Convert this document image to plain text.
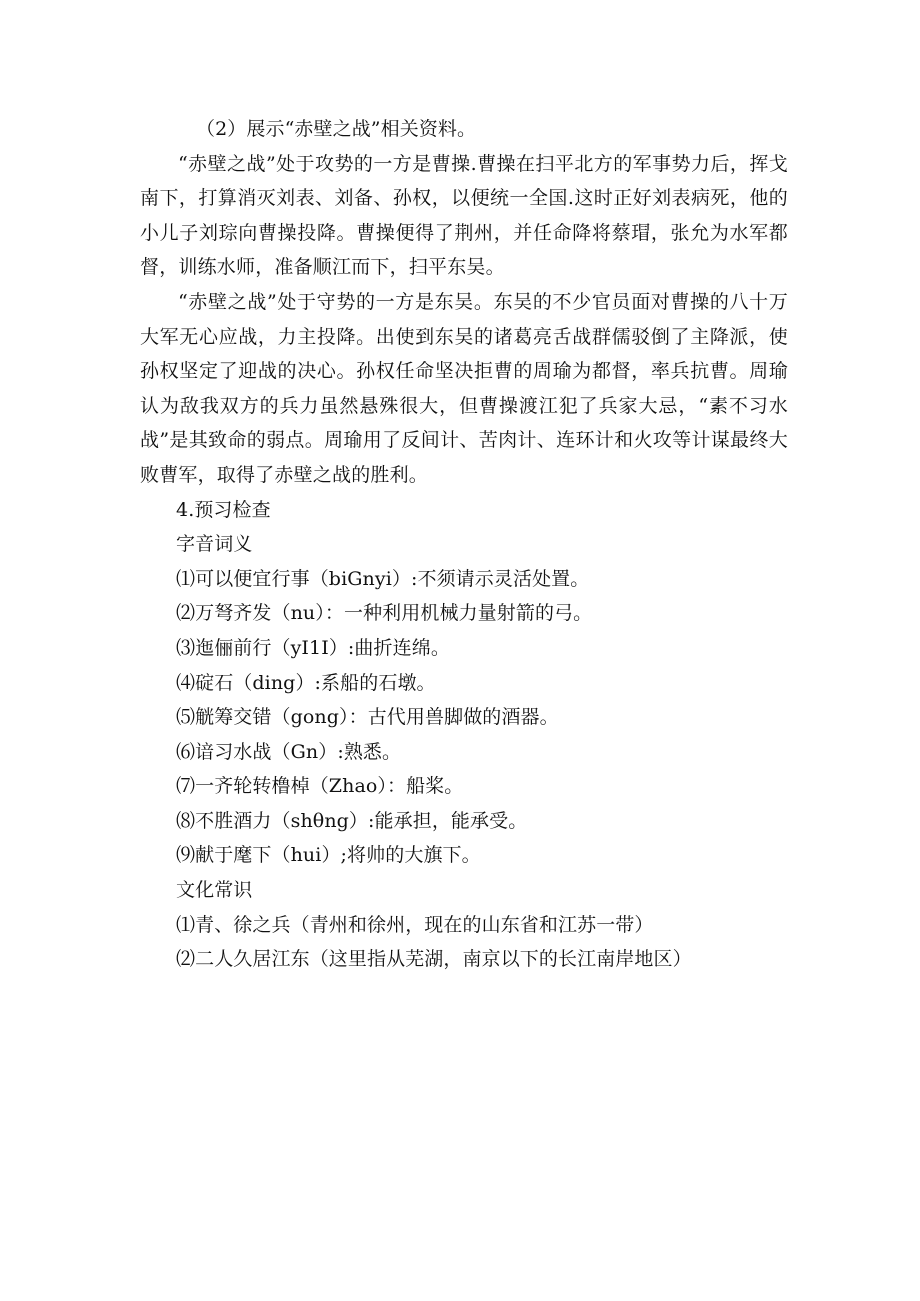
（2）展示“赤壁之战”相关资料。

“赤壁之战”处于攻势的一方是曹操.曹操在扫平北方的军事势力后，挥戈南下，打算消灭刘表、刘备、孙权，以便统一全国.这时正好刘表病死，他的小儿子刘琮向曹操投降。曹操便得了荆州，并任命降将蔡瑁，张允为水军都督，训练水师，准备顺江而下，扫平东吴。

“赤壁之战”处于守势的一方是东吴。东吴的不少官员面对曹操的八十万大军无心应战，力主投降。出使到东吴的诸葛亮舌战群儒驳倒了主降派，使孙权坚定了迎战的决心。孙权任命坚决拒曹的周瑜为都督，率兵抗曹。周瑜认为敌我双方的兵力虽然悬殊很大，但曹操渡江犯了兵家大忌，“素不习水战”是其致命的弱点。周瑜用了反间计、苦肉计、连环计和火攻等计谋最终大败曹军，取得了赤壁之战的胜利。

4.预习检查

字音词义

⑴可以便宜行事（biGnyi）:不须请示灵活处置。

⑵万弩齐发（nu）：一种利用机械力量射箭的弓。

⑶迤俪前行（yI1I）:曲折连绵。

⑷碇石（ding）:系船的石墩。

⑸觥筹交错（gong）：古代用兽脚做的酒器。

⑹谙习水战（Gn）:熟悉。

⑺一齐轮转橹棹（Zhao）：船桨。

⑻不胜酒力（shθng）:能承担，能承受。

⑼献于麾下（hui）;将帅的大旗下。

文化常识

⑴青、徐之兵（青州和徐州，现在的山东省和江苏一带）

⑵二人久居江东（这里指从芜湖，南京以下的长江南岸地区）
